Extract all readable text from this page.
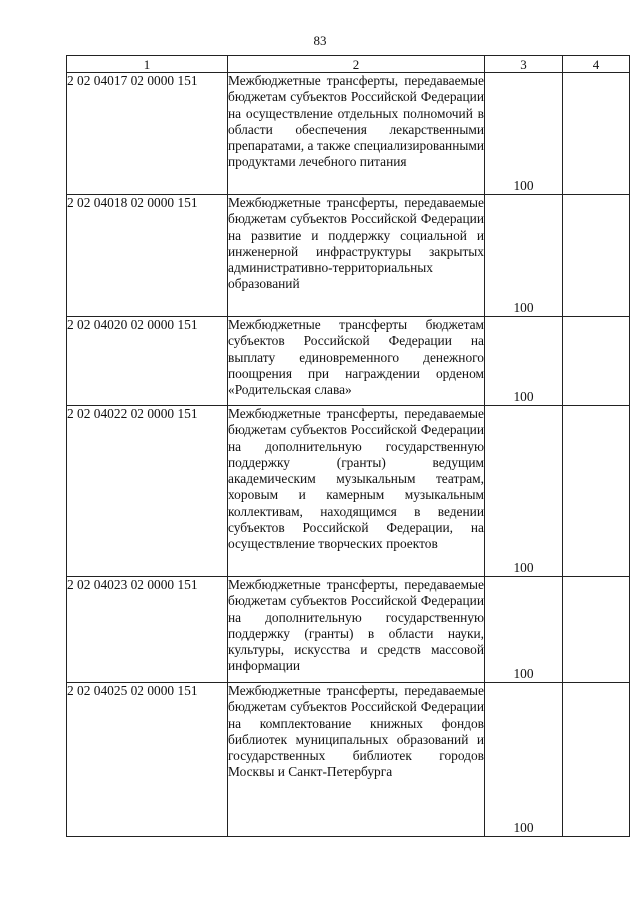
83
1	2	3	4
2 02 04017 02 0000 151	Межбюджетные трансферты, передаваемые бюджетам субъектов Российской Федерации на осуществление отдельных полномочий в области обеспечения лекарственными препаратами, а также специализированными продуктами лечебного питания	100	
2 02 04018 02 0000 151	Межбюджетные трансферты, передаваемые бюджетам субъектов Российской Федерации на развитие и поддержку социальной и инженерной инфраструктуры закрытых административно-территориальных образований	100	
2 02 04020 02 0000 151	Межбюджетные трансферты бюджетам субъектов Российской Федерации на выплату единовременного денежного поощрения при награждении орденом «Родительская слава»	100	
2 02 04022 02 0000 151	Межбюджетные трансферты, передаваемые бюджетам субъектов Российской Федерации на дополнительную государственную поддержку (гранты) ведущим академическим музыкальным театрам, хоровым и камерным музыкальным коллективам, находящимся в ведении субъектов Российской Федерации, на осуществление творческих проектов	100	
2 02 04023 02 0000 151	Межбюджетные трансферты, передаваемые бюджетам субъектов Российской Федерации на дополнительную государственную поддержку (гранты) в области науки, культуры, искусства и средств массовой информации	100	
2 02 04025 02 0000 151	Межбюджетные трансферты, передаваемые бюджетам субъектов Российской Федерации на комплектование книжных фондов библиотек муниципальных образований и государственных библиотек городов Москвы и Санкт-Петербурга	100	
